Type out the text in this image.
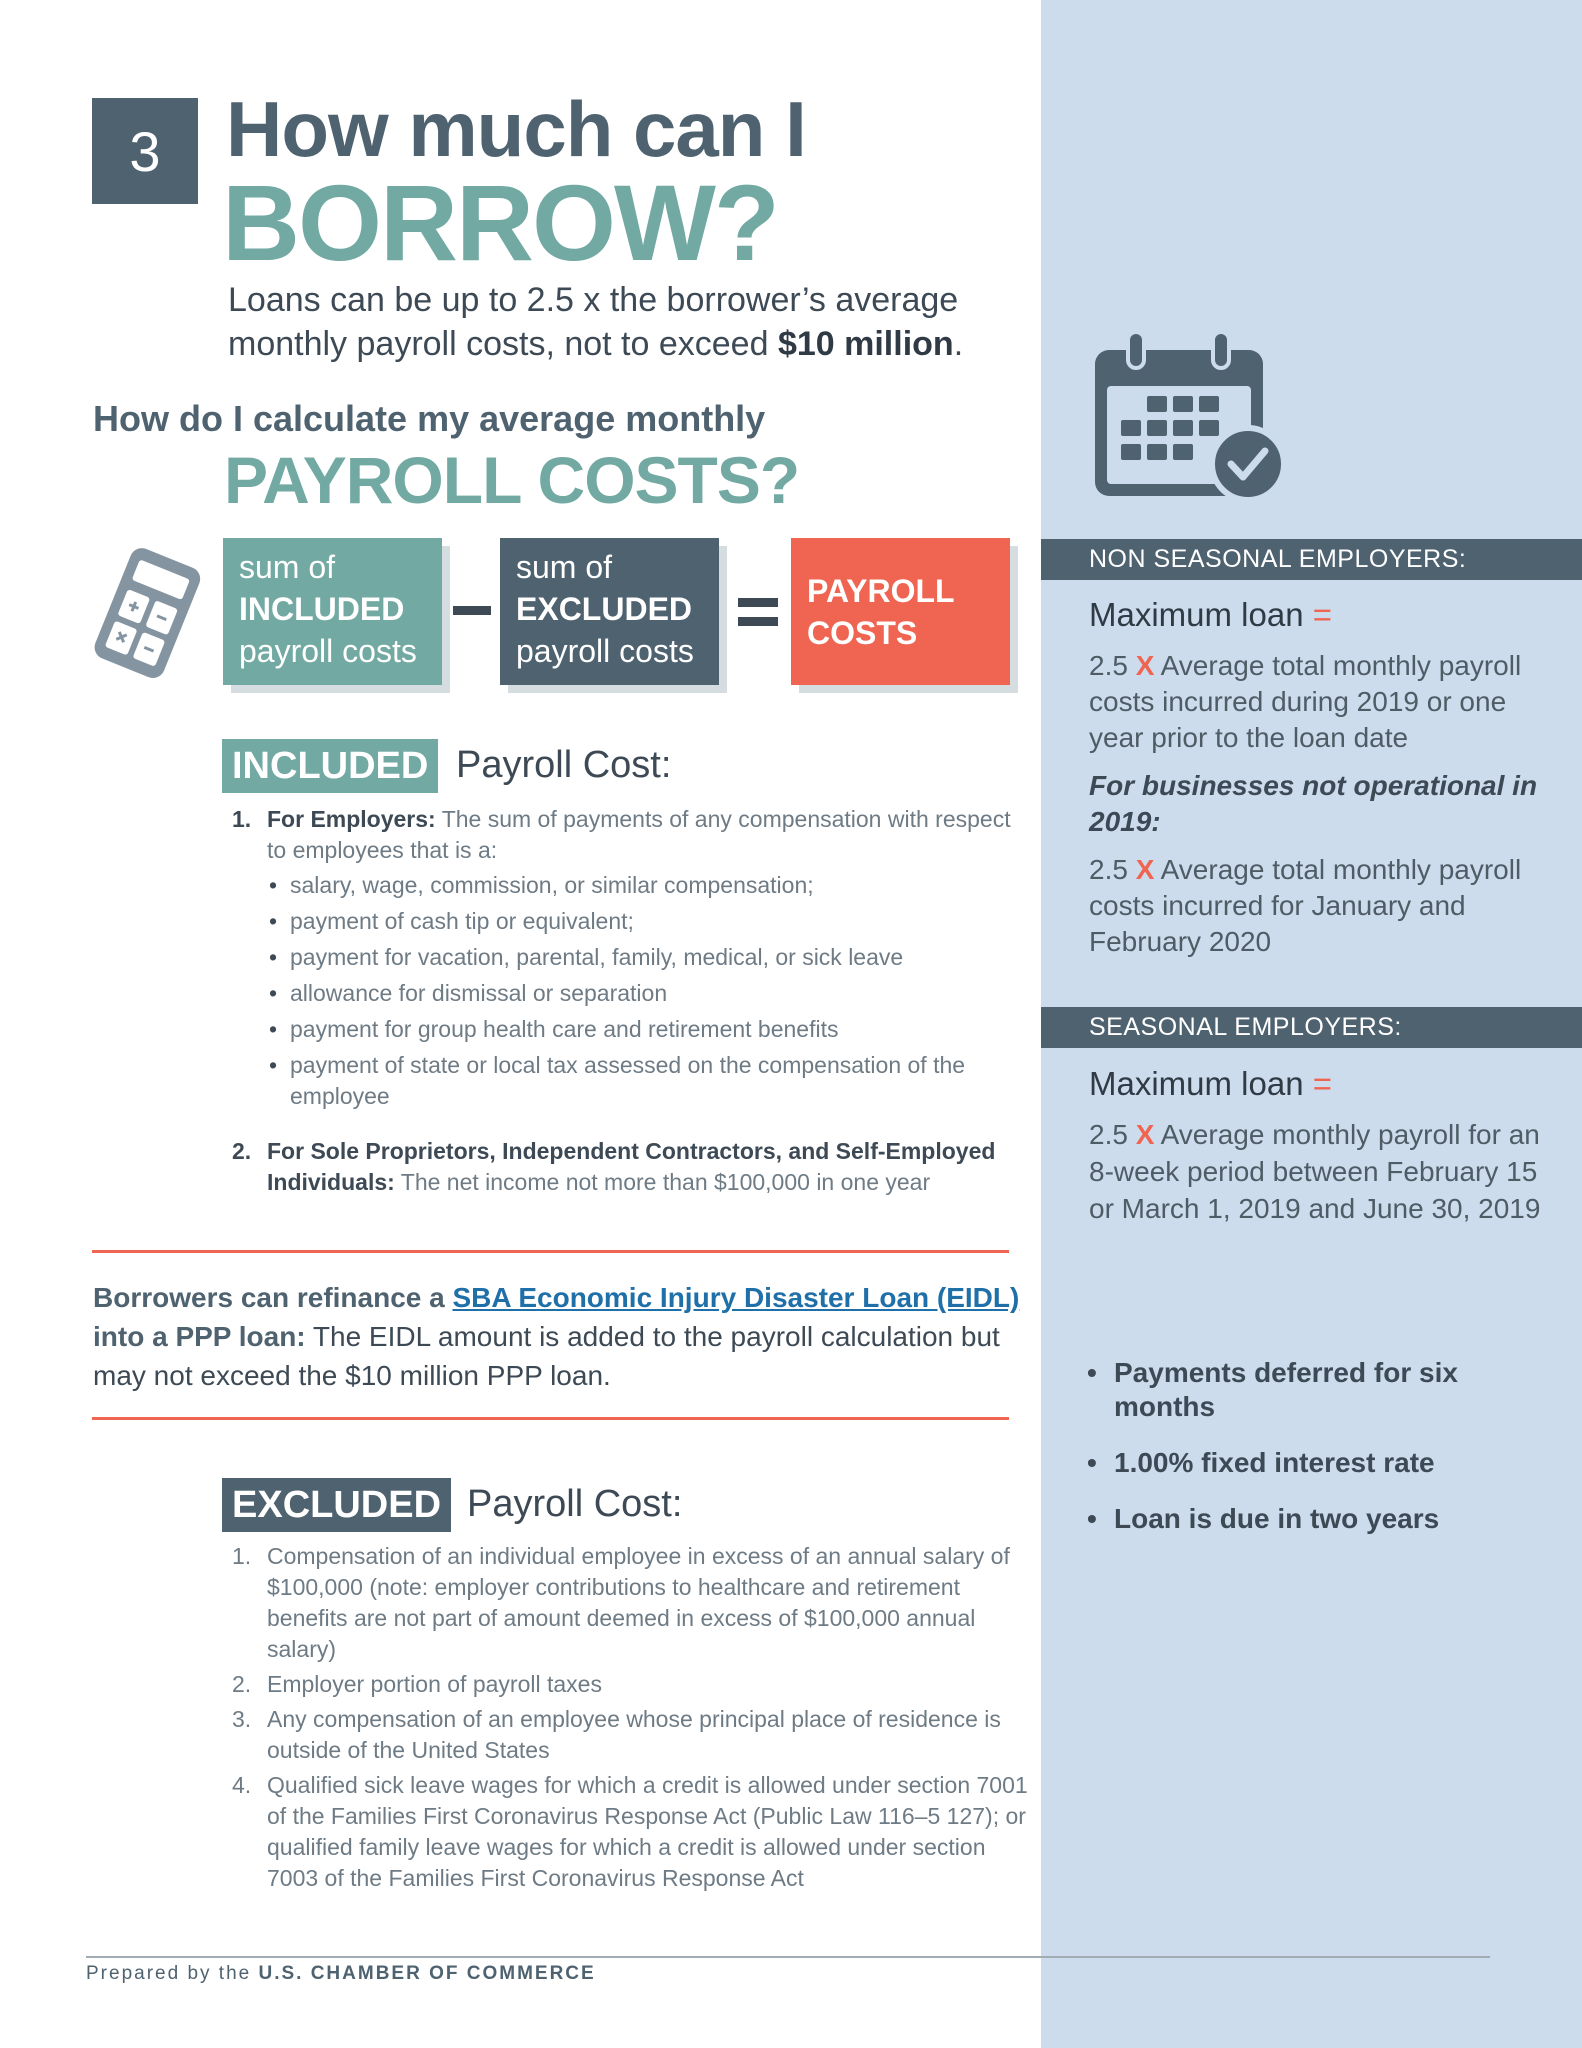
3 How much can I
BORROW?
Loans can be up to 2.5 x the borrower’s average monthly payroll costs, not to exceed $10 million.
How do I calculate my average monthly
PAYROLL COSTS?
sum of
INCLUDED
payroll costs
sum of
EXCLUDED
payroll costs
PAYROLL
COSTS
INCLUDED Payroll Cost:
1. For Employers: The sum of payments of any compensation with respect to employees that is a:
• salary, wage, commission, or similar compensation;
• payment of cash tip or equivalent;
• payment for vacation, parental, family, medical, or sick leave
• allowance for dismissal or separation
• payment for group health care and retirement benefits
• payment of state or local tax assessed on the compensation of the employee
2. For Sole Proprietors, Independent Contractors, and Self-Employed Individuals: The net income not more than $100,000 in one year
Borrowers can refinance a SBA Economic Injury Disaster Loan (EIDL) into a PPP loan: The EIDL amount is added to the payroll calculation but may not exceed the $10 million PPP loan.
EXCLUDED Payroll Cost:
1. Compensation of an individual employee in excess of an annual salary of $100,000 (note: employer contributions to healthcare and retirement benefits are not part of amount deemed in excess of $100,000 annual salary)
2. Employer portion of payroll taxes
3. Any compensation of an employee whose principal place of residence is outside of the United States
4. Qualified sick leave wages for which a credit is allowed under section 7001 of the Families First Coronavirus Response Act (Public Law 116–5 127); or qualified family leave wages for which a credit is allowed under section 7003 of the Families First Coronavirus Response Act
Prepared by the U.S. CHAMBER OF COMMERCE
NON SEASONAL EMPLOYERS:
Maximum loan =
2.5 X Average total monthly payroll costs incurred during 2019 or one year prior to the loan date
For businesses not operational in 2019:
2.5 X Average total monthly payroll costs incurred for January and February 2020
SEASONAL EMPLOYERS:
Maximum loan =
2.5 X Average monthly payroll for an 8-week period between February 15 or March 1, 2019 and June 30, 2019
• Payments deferred for six months
• 1.00% fixed interest rate
• Loan is due in two years
